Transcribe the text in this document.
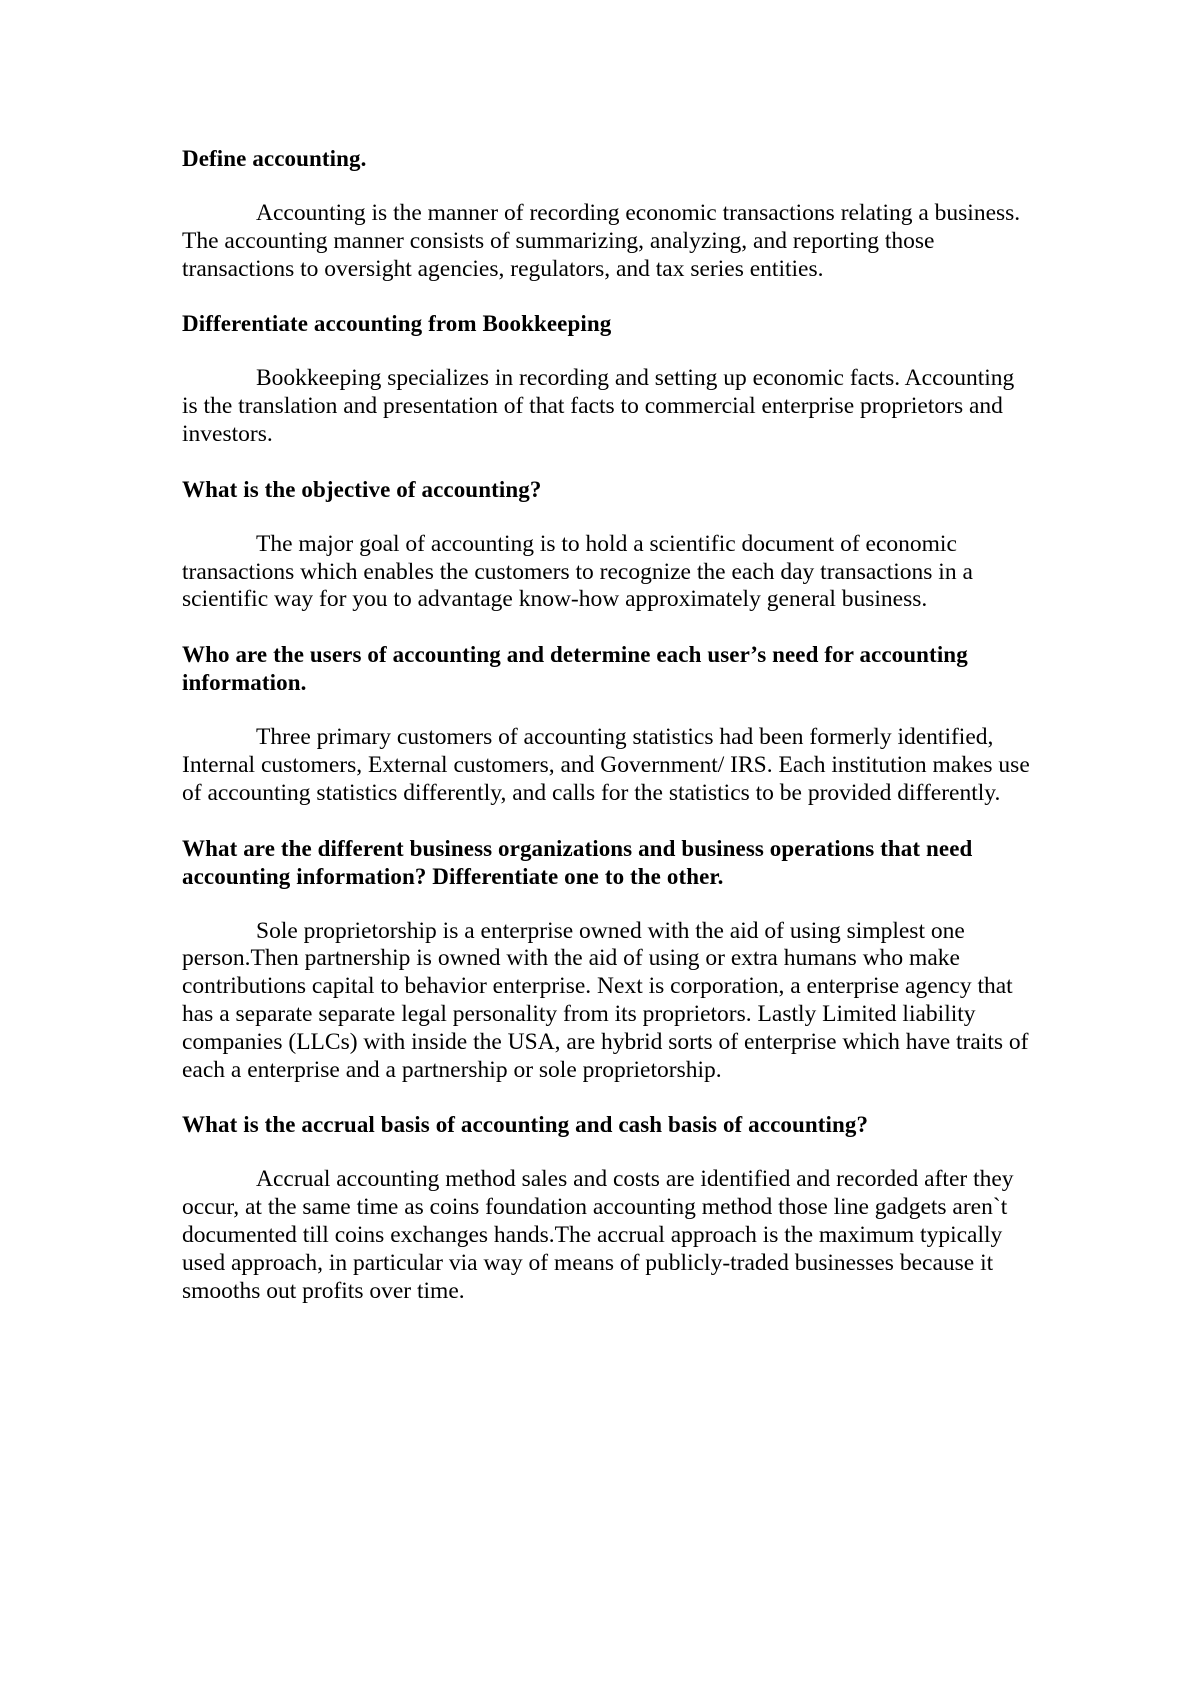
Define accounting.

Accounting is the manner of recording economic transactions relating a business. The accounting manner consists of summarizing, analyzing, and reporting those transactions to oversight agencies, regulators, and tax series entities.

Differentiate accounting from Bookkeeping

Bookkeeping specializes in recording and setting up economic facts. Accounting is the translation and presentation of that facts to commercial enterprise proprietors and investors.

What is the objective of accounting?

The major goal of accounting is to hold a scientific document of economic transactions which enables the customers to recognize the each day transactions in a scientific way for you to advantage know-how approximately general business.

Who are the users of accounting and determine each user’s need for accounting information.

Three primary customers of accounting statistics had been formerly identified, Internal customers, External customers, and Government/ IRS. Each institution makes use of accounting statistics differently, and calls for the statistics to be provided differently.

What are the different business organizations and business operations that need accounting information? Differentiate one to the other.

Sole proprietorship is a enterprise owned with the aid of using simplest one person.Then partnership is owned with the aid of using or extra humans who make contributions capital to behavior enterprise. Next is corporation, a enterprise agency that has a separate separate legal personality from its proprietors. Lastly Limited liability companies (LLCs) with inside the USA, are hybrid sorts of enterprise which have traits of each a enterprise and a partnership or sole proprietorship.

What is the accrual basis of accounting and cash basis of accounting?

Accrual accounting method sales and costs are identified and recorded after they occur, at the same time as coins foundation accounting method those line gadgets aren`t documented till coins exchanges hands.The accrual approach is the maximum typically used approach, in particular via way of means of publicly-traded businesses because it smooths out profits over time.
